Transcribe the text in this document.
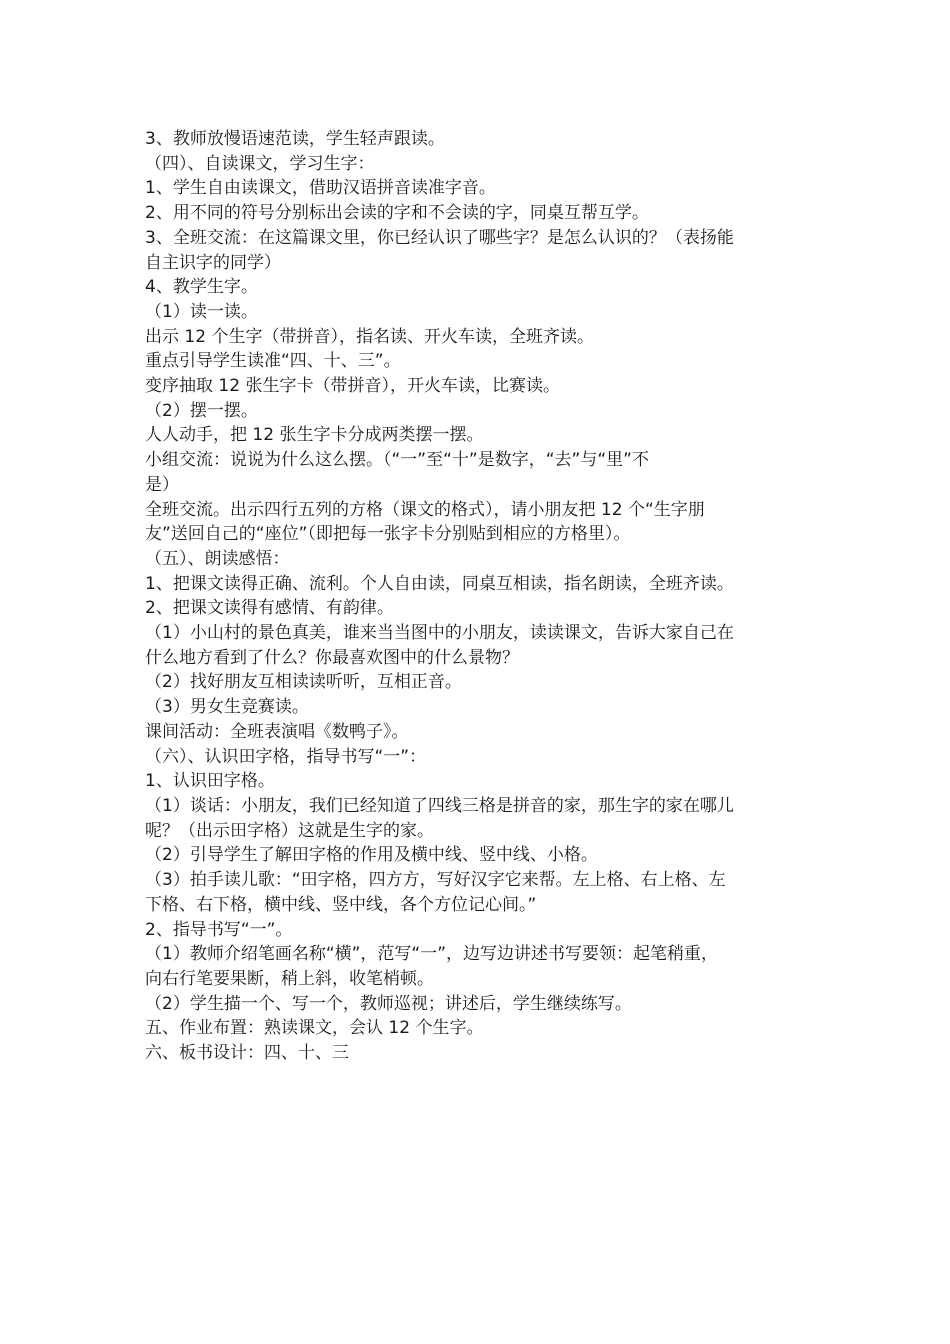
3、教师放慢语速范读，学生轻声跟读。

（四）、自读课文，学习生字：

1、学生自由读课文，借助汉语拼音读准字音。

2、用不同的符号分别标出会读的字和不会读的字，同桌互帮互学。

3、全班交流：在这篇课文里，你已经认识了哪些字？是怎么认识的？（表扬能

自主识字的同学）

4、教学生字。

（1）读一读。

出示 12 个生字（带拼音），指名读、开火车读，全班齐读。

重点引导学生读准“四、十、三”。

变序抽取 12 张生字卡（带拼音），开火车读，比赛读。

（2）摆一摆。

人人动手，把 12 张生字卡分成两类摆一摆。

小组交流：说说为什么这么摆。（“一”至“十”是数字，“去”与“里”不

是）

全班交流。出示四行五列的方格（课文的格式），请小朋友把 12 个“生字朋

友”送回自己的“座位”（即把每一张字卡分别贴到相应的方格里）。

（五）、朗读感悟：

1、把课文读得正确、流利。个人自由读，同桌互相读，指名朗读，全班齐读。

2、把课文读得有感情、有韵律。

（1）小山村的景色真美，谁来当当图中的小朋友，读读课文，告诉大家自己在

什么地方看到了什么？你最喜欢图中的什么景物？

（2）找好朋友互相读读听听，互相正音。

（3）男女生竞赛读。

课间活动：全班表演唱《数鸭子》。

（六）、认识田字格，指导书写“一”：

1、认识田字格。

（1）谈话：小朋友，我们已经知道了四线三格是拼音的家，那生字的家在哪儿

呢？（出示田字格）这就是生字的家。

（2）引导学生了解田字格的作用及横中线、竖中线、小格。

（3）拍手读儿歌：“田字格，四方方，写好汉字它来帮。左上格、右上格、左

下格、右下格，横中线、竖中线，各个方位记心间。”

2、指导书写“一”。

（1）教师介绍笔画名称“横”，范写“一”，边写边讲述书写要领：起笔稍重，

向右行笔要果断，稍上斜，收笔梢顿。

（2）学生描一个、写一个，教师巡视；讲述后，学生继续练写。

五、作业布置：熟读课文，会认 12 个生字。

六、板书设计：四、十、三
